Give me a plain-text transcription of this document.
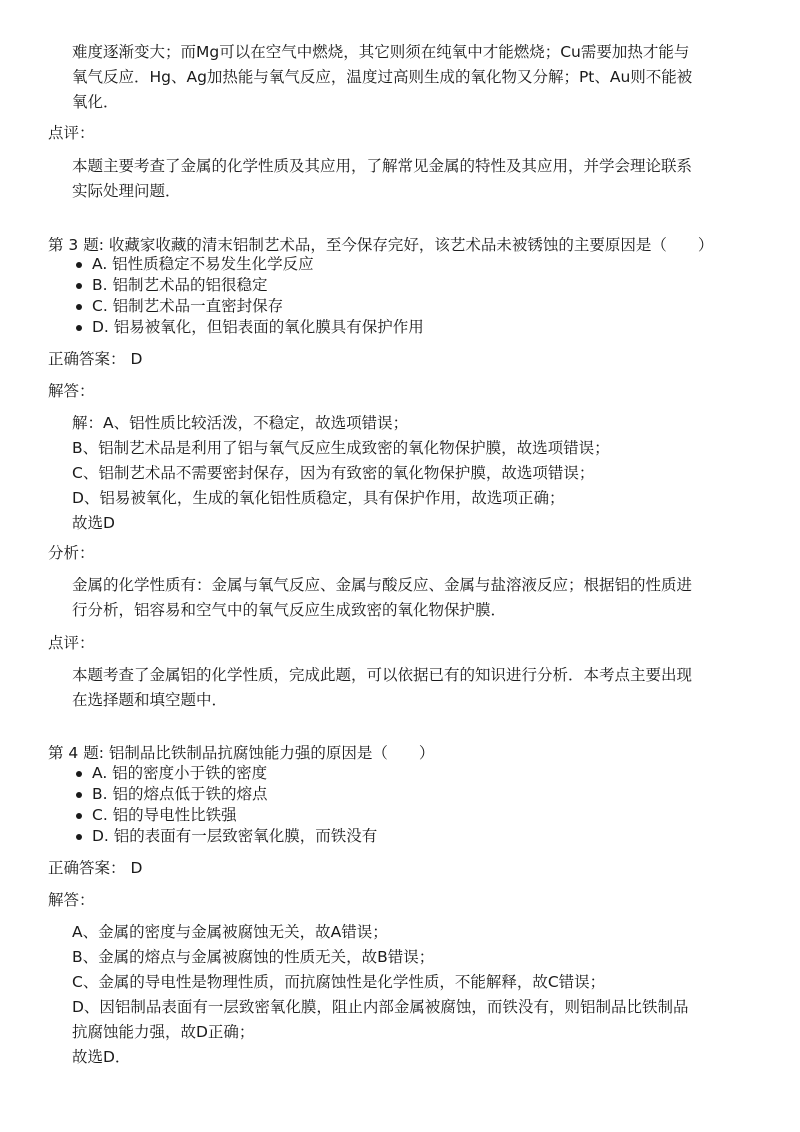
难度逐渐变大；而Mg可以在空气中燃烧，其它则须在纯氧中才能燃烧；Cu需要加热才能与
氧气反应．Hg、Ag加热能与氧气反应，温度过高则生成的氧化物又分解；Pt、Au则不能被
氧化．
点评：
本题主要考查了金属的化学性质及其应用，了解常见金属的特性及其应用，并学会理论联系
实际处理问题．
第 3 题: 收藏家收藏的清末铝制艺术品，至今保存完好，该艺术品未被锈蚀的主要原因是（　　）
A. 铝性质稳定不易发生化学反应
B. 铝制艺术品的铝很稳定
C. 铝制艺术品一直密封保存
D. 铝易被氧化，但铝表面的氧化膜具有保护作用
正确答案： D
解答：
解：A、铝性质比较活泼，不稳定，故选项错误；
B、铝制艺术品是利用了铝与氧气反应生成致密的氧化物保护膜，故选项错误；
C、铝制艺术品不需要密封保存，因为有致密的氧化物保护膜，故选项错误；
D、铝易被氧化，生成的氧化铝性质稳定，具有保护作用，故选项正确；
故选D
分析：
金属的化学性质有：金属与氧气反应、金属与酸反应、金属与盐溶液反应；根据铝的性质进
行分析，铝容易和空气中的氧气反应生成致密的氧化物保护膜．
点评：
本题考查了金属铝的化学性质，完成此题，可以依据已有的知识进行分析．本考点主要出现
在选择题和填空题中．
第 4 题: 铝制品比铁制品抗腐蚀能力强的原因是（　　）
A. 铝的密度小于铁的密度
B. 铝的熔点低于铁的熔点
C. 铝的导电性比铁强
D. 铝的表面有一层致密氧化膜，而铁没有
正确答案： D
解答：
A、金属的密度与金属被腐蚀无关，故A错误；
B、金属的熔点与金属被腐蚀的性质无关，故B错误；
C、金属的导电性是物理性质，而抗腐蚀性是化学性质，不能解释，故C错误；
D、因铝制品表面有一层致密氧化膜，阻止内部金属被腐蚀，而铁没有，则铝制品比铁制品
抗腐蚀能力强，故D正确；
故选D．
